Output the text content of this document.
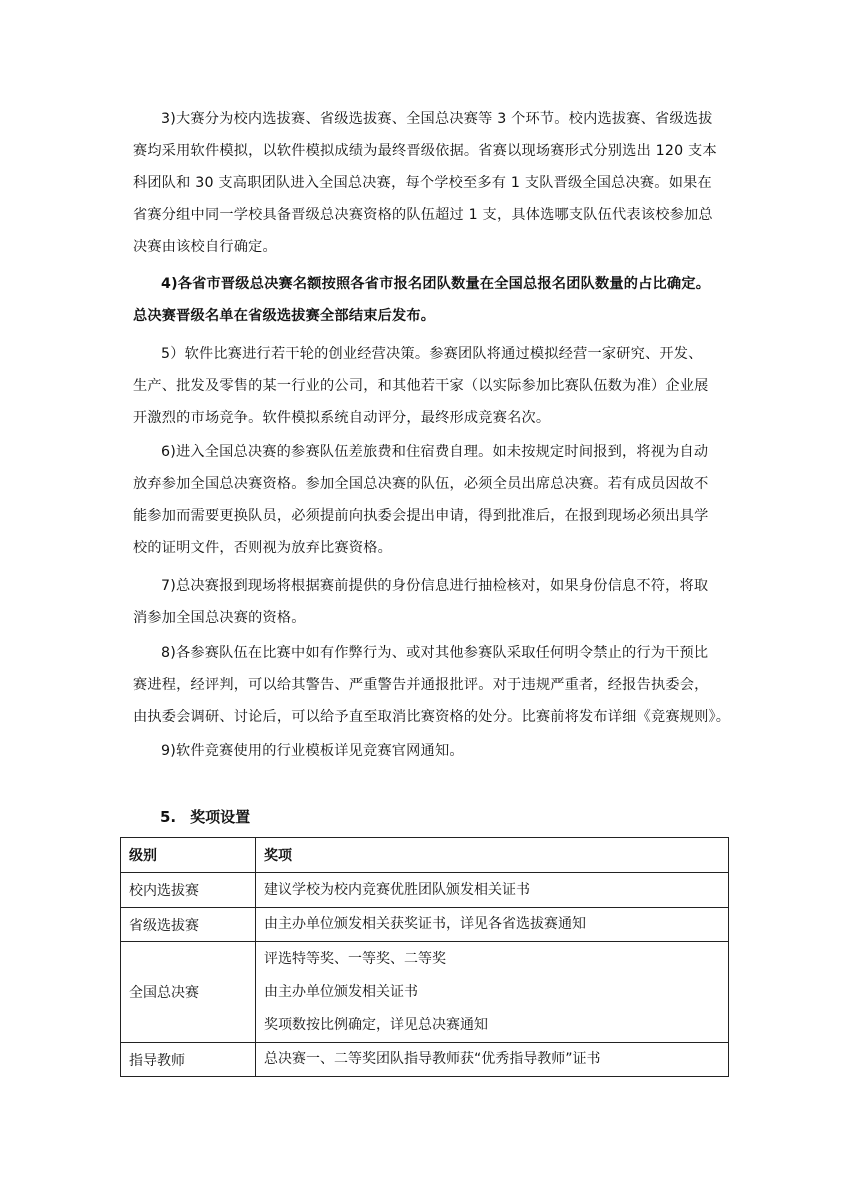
3)大赛分为校内选拔赛、省级选拔赛、全国总决赛等 3 个环节。校内选拔赛、省级选拔
赛均采用软件模拟，以软件模拟成绩为最终晋级依据。省赛以现场赛形式分别选出 120 支本
科团队和 30 支高职团队进入全国总决赛，每个学校至多有 1 支队晋级全国总决赛。如果在
省赛分组中同一学校具备晋级总决赛资格的队伍超过 1 支，具体选哪支队伍代表该校参加总
决赛由该校自行确定。

4)各省市晋级总决赛名额按照各省市报名团队数量在全国总报名团队数量的占比确定。
总决赛晋级名单在省级选拔赛全部结束后发布。

5）软件比赛进行若干轮的创业经营决策。参赛团队将通过模拟经营一家研究、开发、
生产、批发及零售的某一行业的公司，和其他若干家（以实际参加比赛队伍数为准）企业展
开激烈的市场竞争。软件模拟系统自动评分，最终形成竞赛名次。

6)进入全国总决赛的参赛队伍差旅费和住宿费自理。如未按规定时间报到，将视为自动
放弃参加全国总决赛资格。参加全国总决赛的队伍，必须全员出席总决赛。若有成员因故不
能参加而需要更换队员，必须提前向执委会提出申请，得到批准后，在报到现场必须出具学
校的证明文件，否则视为放弃比赛资格。

7)总决赛报到现场将根据赛前提供的身份信息进行抽检核对，如果身份信息不符，将取
消参加全国总决赛的资格。

8)各参赛队伍在比赛中如有作弊行为、或对其他参赛队采取任何明令禁止的行为干预比
赛进程，经评判，可以给其警告、严重警告并通报批评。对于违规严重者，经报告执委会，
由执委会调研、讨论后，可以给予直至取消比赛资格的处分。比赛前将发布详细《竞赛规则》。

9)软件竞赛使用的行业模板详见竞赛官网通知。

5. 奖项设置
级别	奖项
校内选拔赛	建议学校为校内竞赛优胜团队颁发相关证书

省级选拔赛	由主办单位颁发相关获奖证书，详见各省选拔赛通知

全国总决赛	评选特等奖、一等奖、二等奖
由主办单位颁发相关证书
奖项数按比例确定，详见总决赛通知

指导教师	总决赛一、二等奖团队指导教师获“优秀指导教师”证书
